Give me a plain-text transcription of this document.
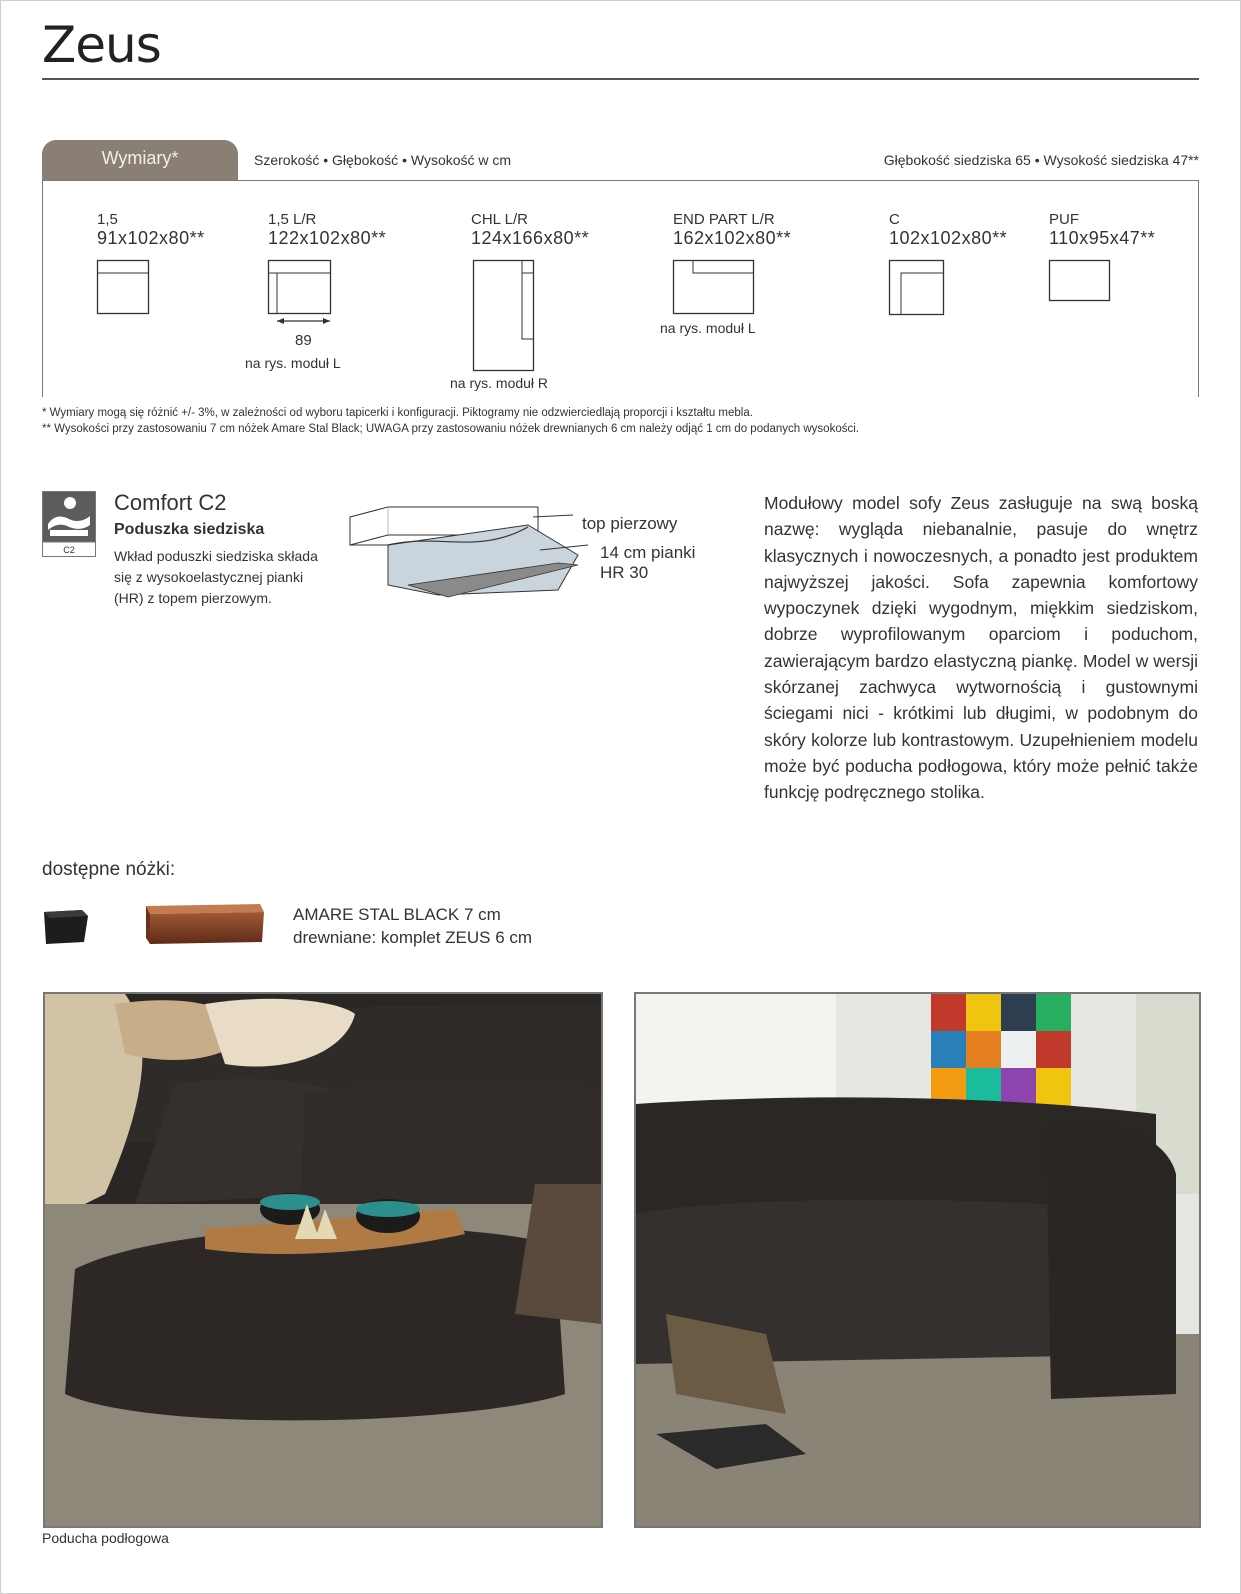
Zeus
Wymiary*	Szerokość • Głębokość • Wysokość w cm	Głębokość siedziska 65 • Wysokość siedziska 47**
1,5
91x102x80**
1,5 L/R
122x102x80**
89
na rys. moduł L
CHL L/R
124x166x80**
na rys. moduł R
END PART L/R
162x102x80**
na rys. moduł L
C
102x102x80**
PUF
110x95x47**
* Wymiary mogą się różnić +/- 3%, w zależności od wyboru tapicerki i konfiguracji. Piktogramy nie odzwierciedlają proporcji i kształtu mebla.
** Wysokości przy zastosowaniu 7 cm nóżek Amare Stal Black; UWAGA przy zastosowaniu nóżek drewnianych 6 cm należy odjąć 1 cm do podanych wysokości.
C2
Comfort C2
Poduszka siedziska
Wkład poduszki siedziska składa się z wysokoelastycznej pianki (HR) z topem pierzowym.
top pierzowy
14 cm pianki
HR 30
Modułowy model sofy Zeus zasługuje na swą boską nazwę: wygląda niebanalnie, pasuje do wnętrz klasycznych i nowoczesnych, a ponadto jest produktem najwyższej jakości. Sofa zapewnia komfortowy wypoczynek dzięki wygodnym, miękkim siedziskom, dobrze wyprofilowanym oparciom i poduchom, zawierającym bardzo elastyczną piankę. Model w wersji skórzanej zachwyca wytwornością i gustownymi ściegami nici - krótkimi lub długimi, w podobnym do skóry kolorze lub kontrastowym. Uzupełnieniem modelu może być poducha podłogowa, który może pełnić także funkcję podręcznego stolika.
dostępne nóżki:
AMARE STAL BLACK 7 cm
drewniane: komplet ZEUS 6 cm
Poducha podłogowa
